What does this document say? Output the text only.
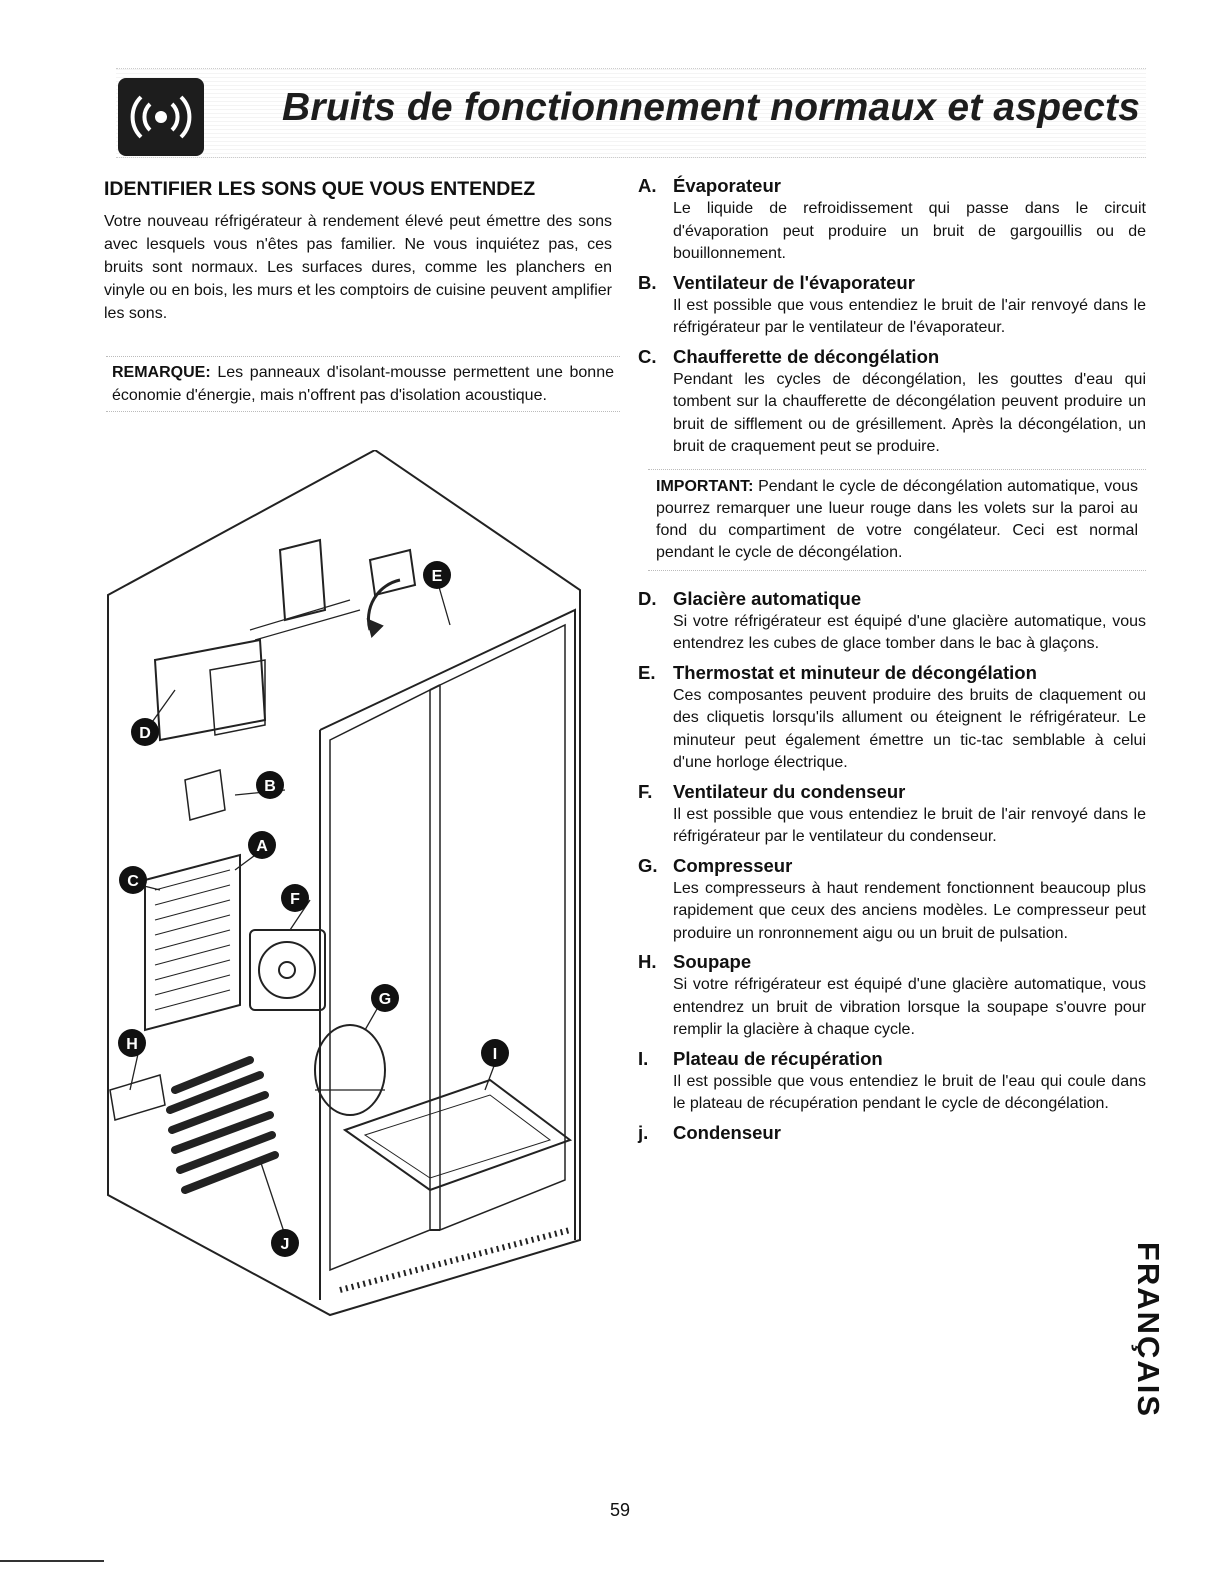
Bruits de fonctionnement normaux et aspects
IDENTIFIER LES SONS QUE VOUS ENTENDEZ
Votre nouveau réfrigérateur à rendement élevé peut émettre des sons avec lesquels vous n'êtes pas familier. Ne vous inquiétez pas, ces bruits sont normaux. Les surfaces dures, comme les planchers en vinyle ou en bois, les murs et les comptoirs de cuisine peuvent amplifier les sons.
REMARQUE: Les panneaux d'isolant-mousse permettent une bonne économie d'énergie, mais n'offrent pas d'isolation acoustique.
E
D
B
A
C
F
G
H
I
J
A. Évaporateur
Le liquide de refroidissement qui passe dans le circuit d'évaporation peut produire un bruit de gargouillis ou de bouillonnement.
B. Ventilateur de l'évaporateur
Il est possible que vous entendiez le bruit de l'air renvoyé dans le réfrigérateur par le ventilateur de l'évaporateur.
C. Chaufferette de décongélation
Pendant les cycles de décongélation, les gouttes d'eau qui tombent sur la chaufferette de décongélation peuvent produire un bruit de sifflement ou de grésillement. Après la décongélation, un bruit de craquement peut se produire.
IMPORTANT: Pendant le cycle de décongélation automatique, vous pourrez remarquer une lueur rouge dans les volets sur la paroi au fond du compartiment de votre congélateur. Ceci est normal pendant le cycle de décongélation.
D. Glacière automatique
Si votre réfrigérateur est équipé d'une glacière automatique, vous entendrez les cubes de glace tomber dans le bac à glaçons.
E. Thermostat et minuteur de décongélation
Ces composantes peuvent produire des bruits de claquement ou des cliquetis lorsqu'ils allument ou éteignent le réfrigérateur. Le minuteur peut également émettre un tic-tac semblable à celui d'une horloge électrique.
F.	Ventilateur du condenseur
Il est possible que vous entendiez le bruit de l'air renvoyé dans le réfrigérateur par le ventilateur du condenseur.
G. Compresseur
Les compresseurs à haut rendement fonctionnent beaucoup plus rapidement que ceux des anciens modèles. Le compresseur peut produire un ronronnement aigu ou un bruit de pulsation.
H. Soupape
Si votre réfrigérateur est équipé d'une glacière automatique, vous entendrez un bruit de vibration lorsque la soupape s'ouvre pour remplir la glacière à chaque cycle.
I.	Plateau de récupération
Il est possible que vous entendiez le bruit de l'eau qui coule dans le plateau de récupération pendant le cycle de décongélation.
j.	Condenseur
FRANÇAIS
59
